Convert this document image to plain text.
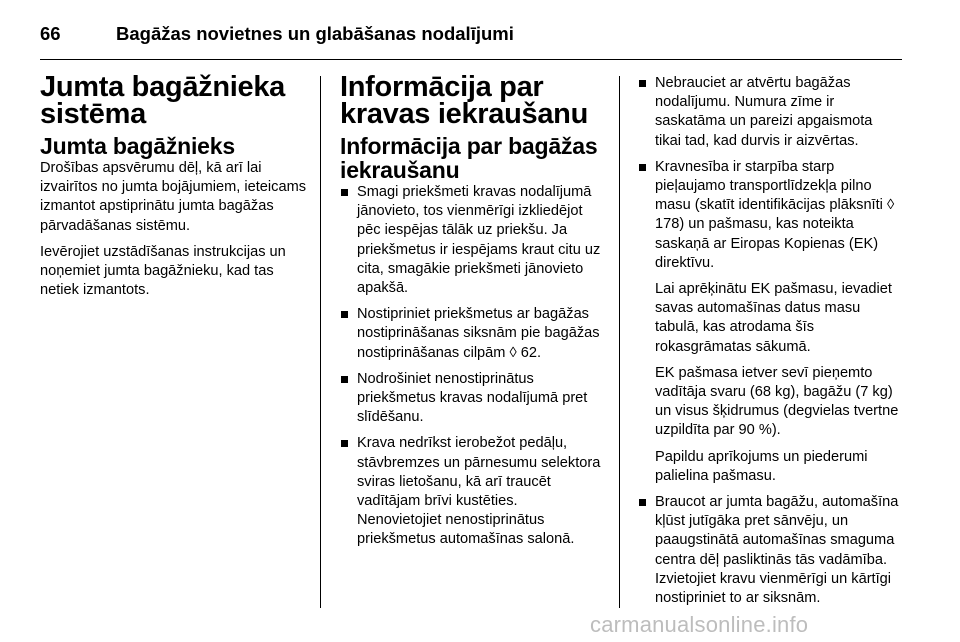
66	Bagāžas novietnes un glabāšanas nodalījumi
Jumta bagāžnieka sistēma
Jumta bagāžnieks

Drošības apsvērumu dēļ, kā arī lai izvairītos no jumta bojājumiem, ieteicams izmantot apstiprinātu jumta bagāžas pārvadāšanas sistēmu.

Ievērojiet uzstādīšanas instrukcijas un noņemiet jumta bagāžnieku, kad tas netiek izmantots.

Informācija par kravas iekraušanu
Informācija par bagāžas iekraušanu
Smagi priekšmeti kravas nodalījumā jānovieto, tos vienmērīgi izkliedējot pēc iespējas tālāk uz priekšu. Ja priekšmetus ir iespējams kraut citu uz cita, smagākie priekšmeti jānovieto apakšā.
Nostipriniet priekšmetus ar bagāžas nostiprināšanas siksnām pie bagāžas nostiprināšanas cilpām ◊ 62.
Nodrošiniet nenostiprinātus priekšmetus kravas nodalījumā pret slīdēšanu.
Krava nedrīkst ierobežot pedāļu, stāvbremzes un pārnesumu selektora sviras lietošanu, kā arī traucēt vadītājam brīvi kustēties. Nenovietojiet nenostiprinātus priekšmetus automašīnas salonā.
Nebrauciet ar atvērtu bagāžas nodalījumu. Numura zīme ir saskatāma un pareizi apgaismota tikai tad, kad durvis ir aizvērtas.

Kravnesība ir starpība starp pieļaujamo transportlīdzekļa pilno masu (skatīt identifikācijas plāksnīti ◊ 178) un pašmasu, kas noteikta saskaņā ar Eiropas Kopienas (EK) direktīvu.

Lai aprēķinātu EK pašmasu, ievadiet savas automašīnas datus masu tabulā, kas atrodama šīs rokasgrāmatas sākumā.

EK pašmasa ietver sevī pieņemto vadītāja svaru (68 kg), bagāžu (7 kg) un visus šķidrumus (degvielas tvertne uzpildīta par 90 %).

Papildu aprīkojums un piederumi palielina pašmasu.

Braucot ar jumta bagāžu, automašīna kļūst jutīgāka pret sānvēju, un paaugstinātā automašīnas smaguma centra dēļ pasliktinās tās vadāmība. Izvietojiet kravu vienmērīgi un kārtīgi nostipriniet to ar siksnām.
carmanualsonline.info
